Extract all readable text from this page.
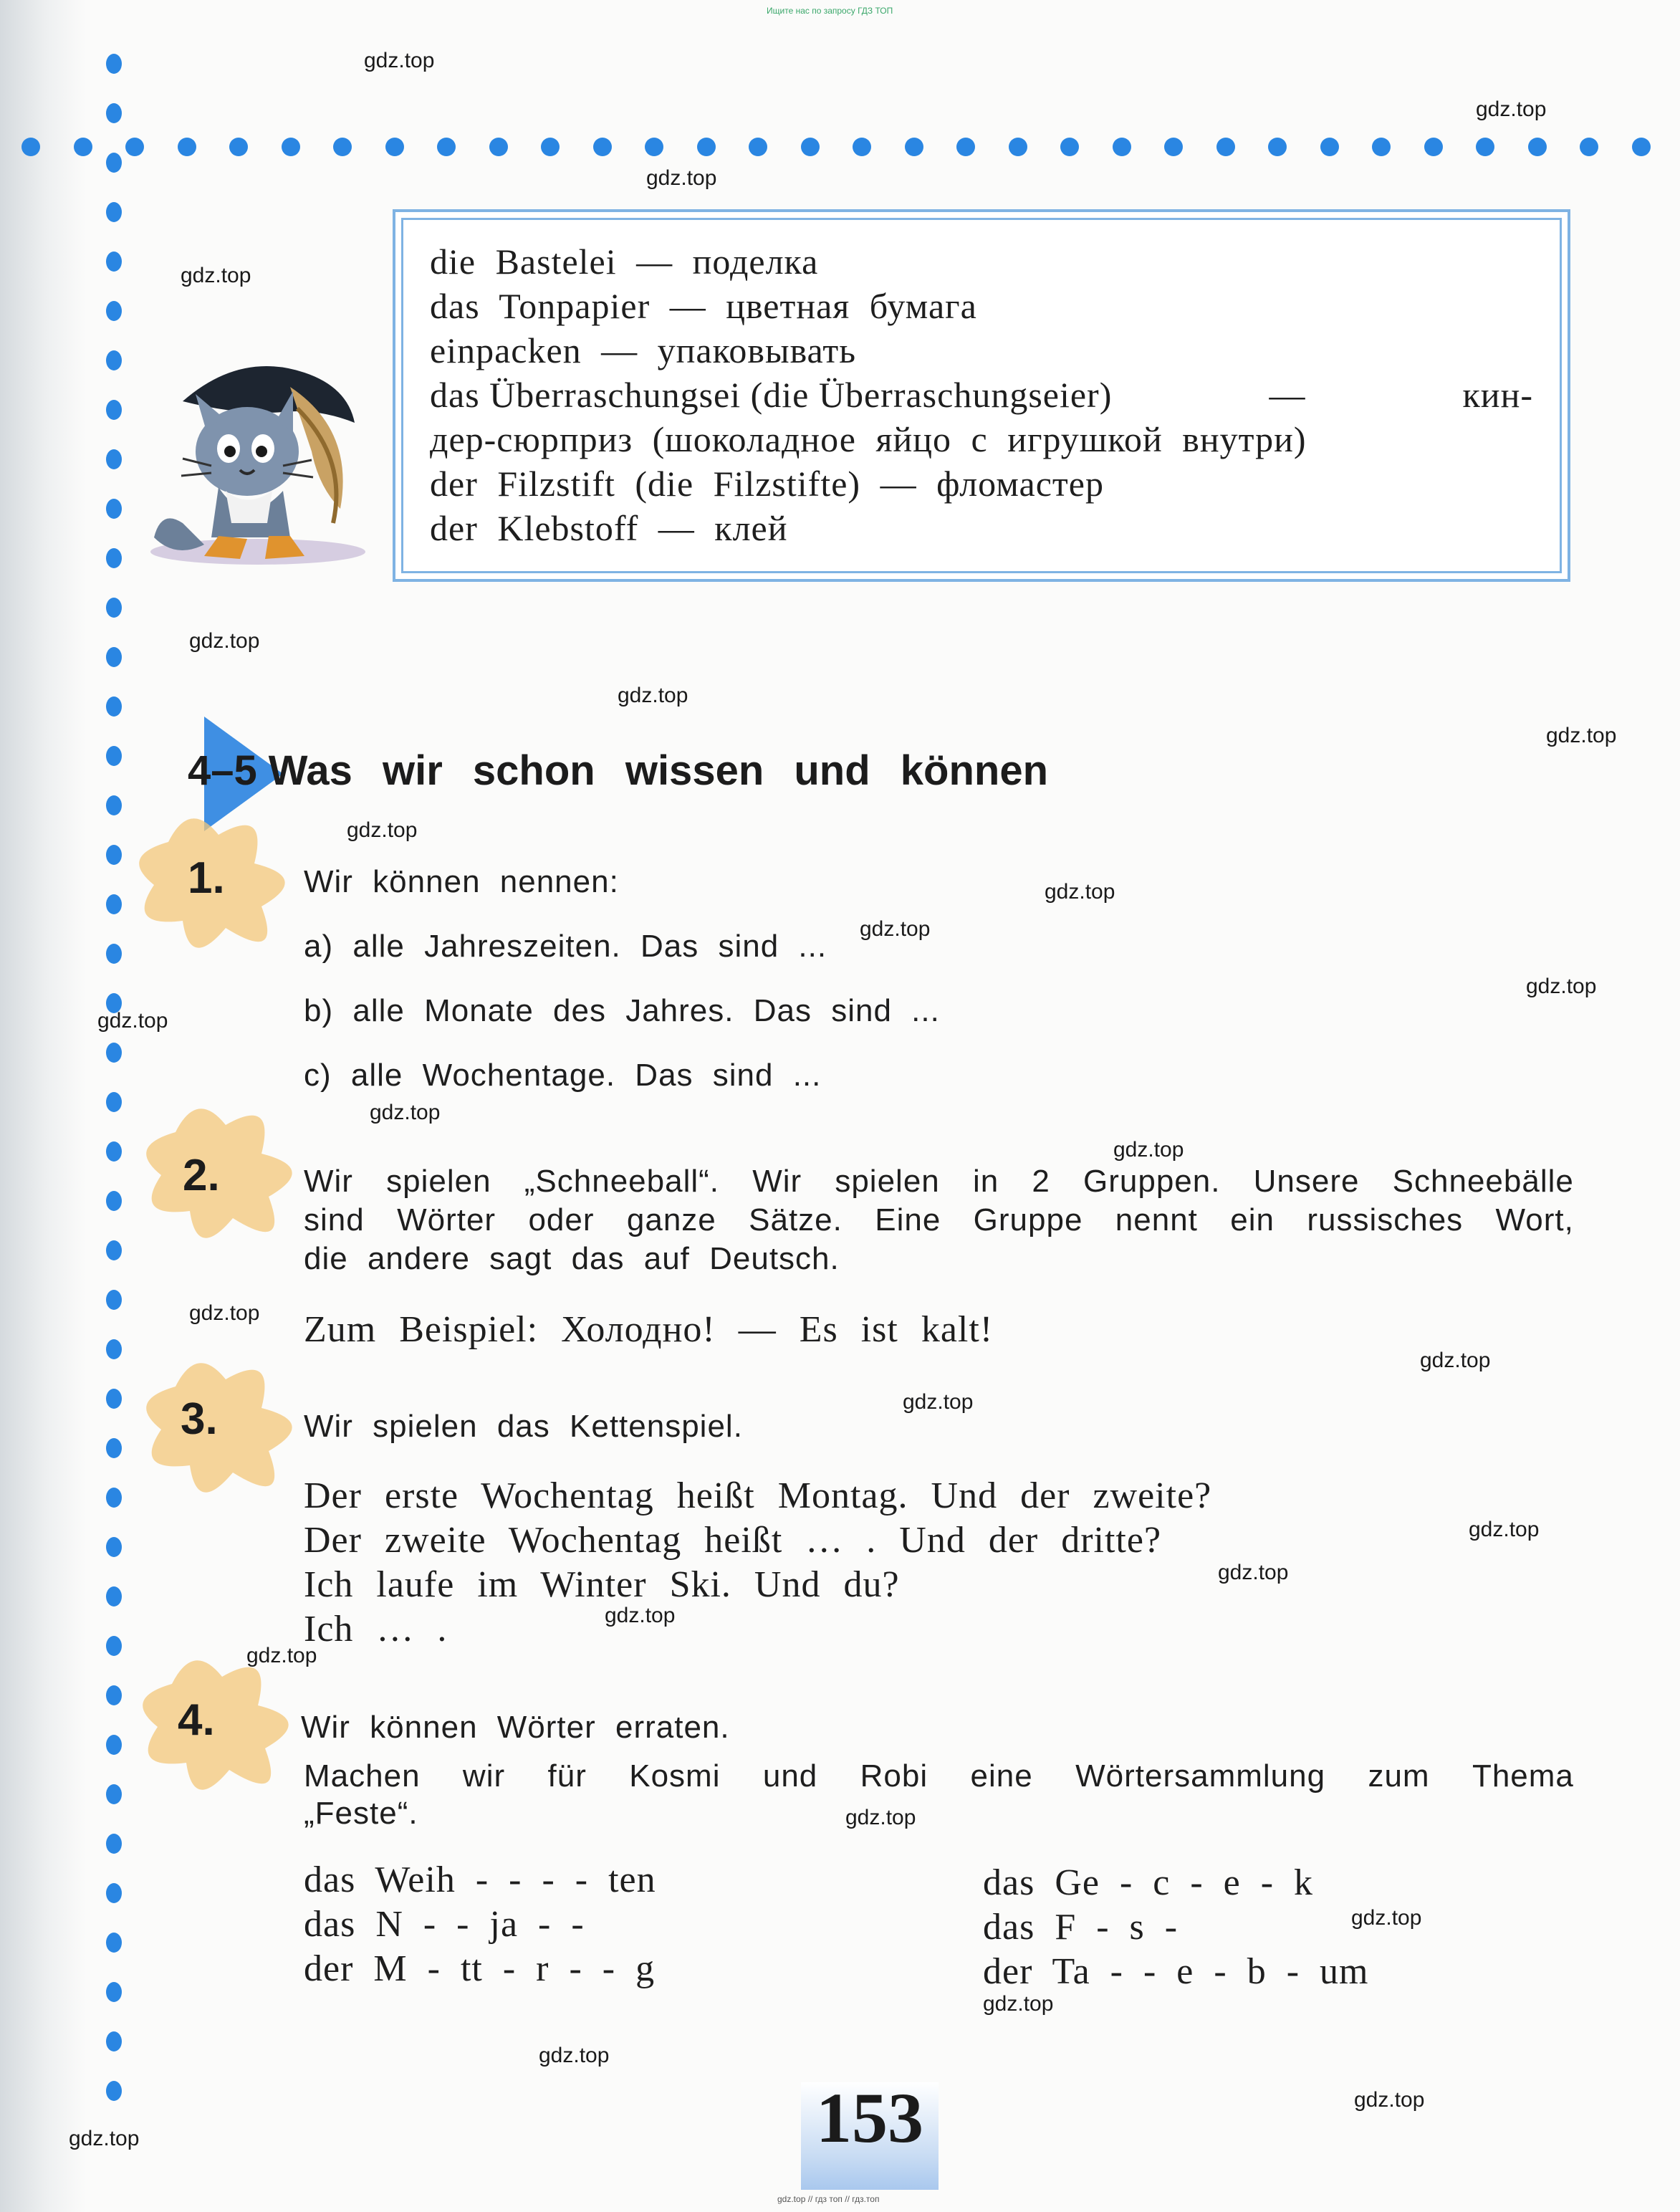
Ищите нас по запросу ГДЗ ТОП
gdz.top
gdz.top
gdz.top
gdz.top
gdz.top
gdz.top
gdz.top
gdz.top
gdz.top
gdz.top
gdz.top
gdz.top
gdz.top
gdz.top
gdz.top
gdz.top
gdz.top
gdz.top
gdz.top
gdz.top
gdz.top
gdz.top
gdz.top
gdz.top
gdz.top
gdz.top
gdz.top
die Bastelei — поделка
das Tonpapier — цветная бумага
einpacken — упаковывать
das Überraschungsei (die Überraschungseier)	—	кин-
дер-сюрприз (шоколадное яйцо с игрушкой внутри)
der Filzstift (die Filzstifte) — фломастер
der Klebstoff — клей
4–5 Was wir schon wissen und können
1.	Wir können nennen:
a) alle Jahreszeiten. Das sind ...
b) alle Monate des Jahres. Das sind ...
c) alle Wochentage. Das sind ...
2.	Wir spielen „Schneeball“. Wir spielen in 2 Gruppen. Unsere Schneebälle
sind Wörter oder ganze Sätze. Eine Gruppe nennt ein russisches Wort,
die andere sagt das auf Deutsch.
Zum Beispiel: Холодно! — Es ist kalt!
3.	Wir spielen das Kettenspiel.
Der erste Wochentag heißt Montag. Und der zweite?
Der zweite Wochentag heißt … . Und der dritte?
Ich laufe im Winter Ski. Und du?
Ich … .
4.	Wir können Wörter erraten.
Machen wir für Kosmi und Robi eine Wörtersammlung zum Thema
„Feste“.
das  Weih  -  -  -  -  ten
das  N  -  -  ja  -  -
der  M  -  tt  -  r  -  -  g
das  Ge  -  c  -  e  -  k
das  F  -  s  -
der  Ta  -  -  e  -  b  -  um
153
gdz.top // гдз топ // гдз.топ
